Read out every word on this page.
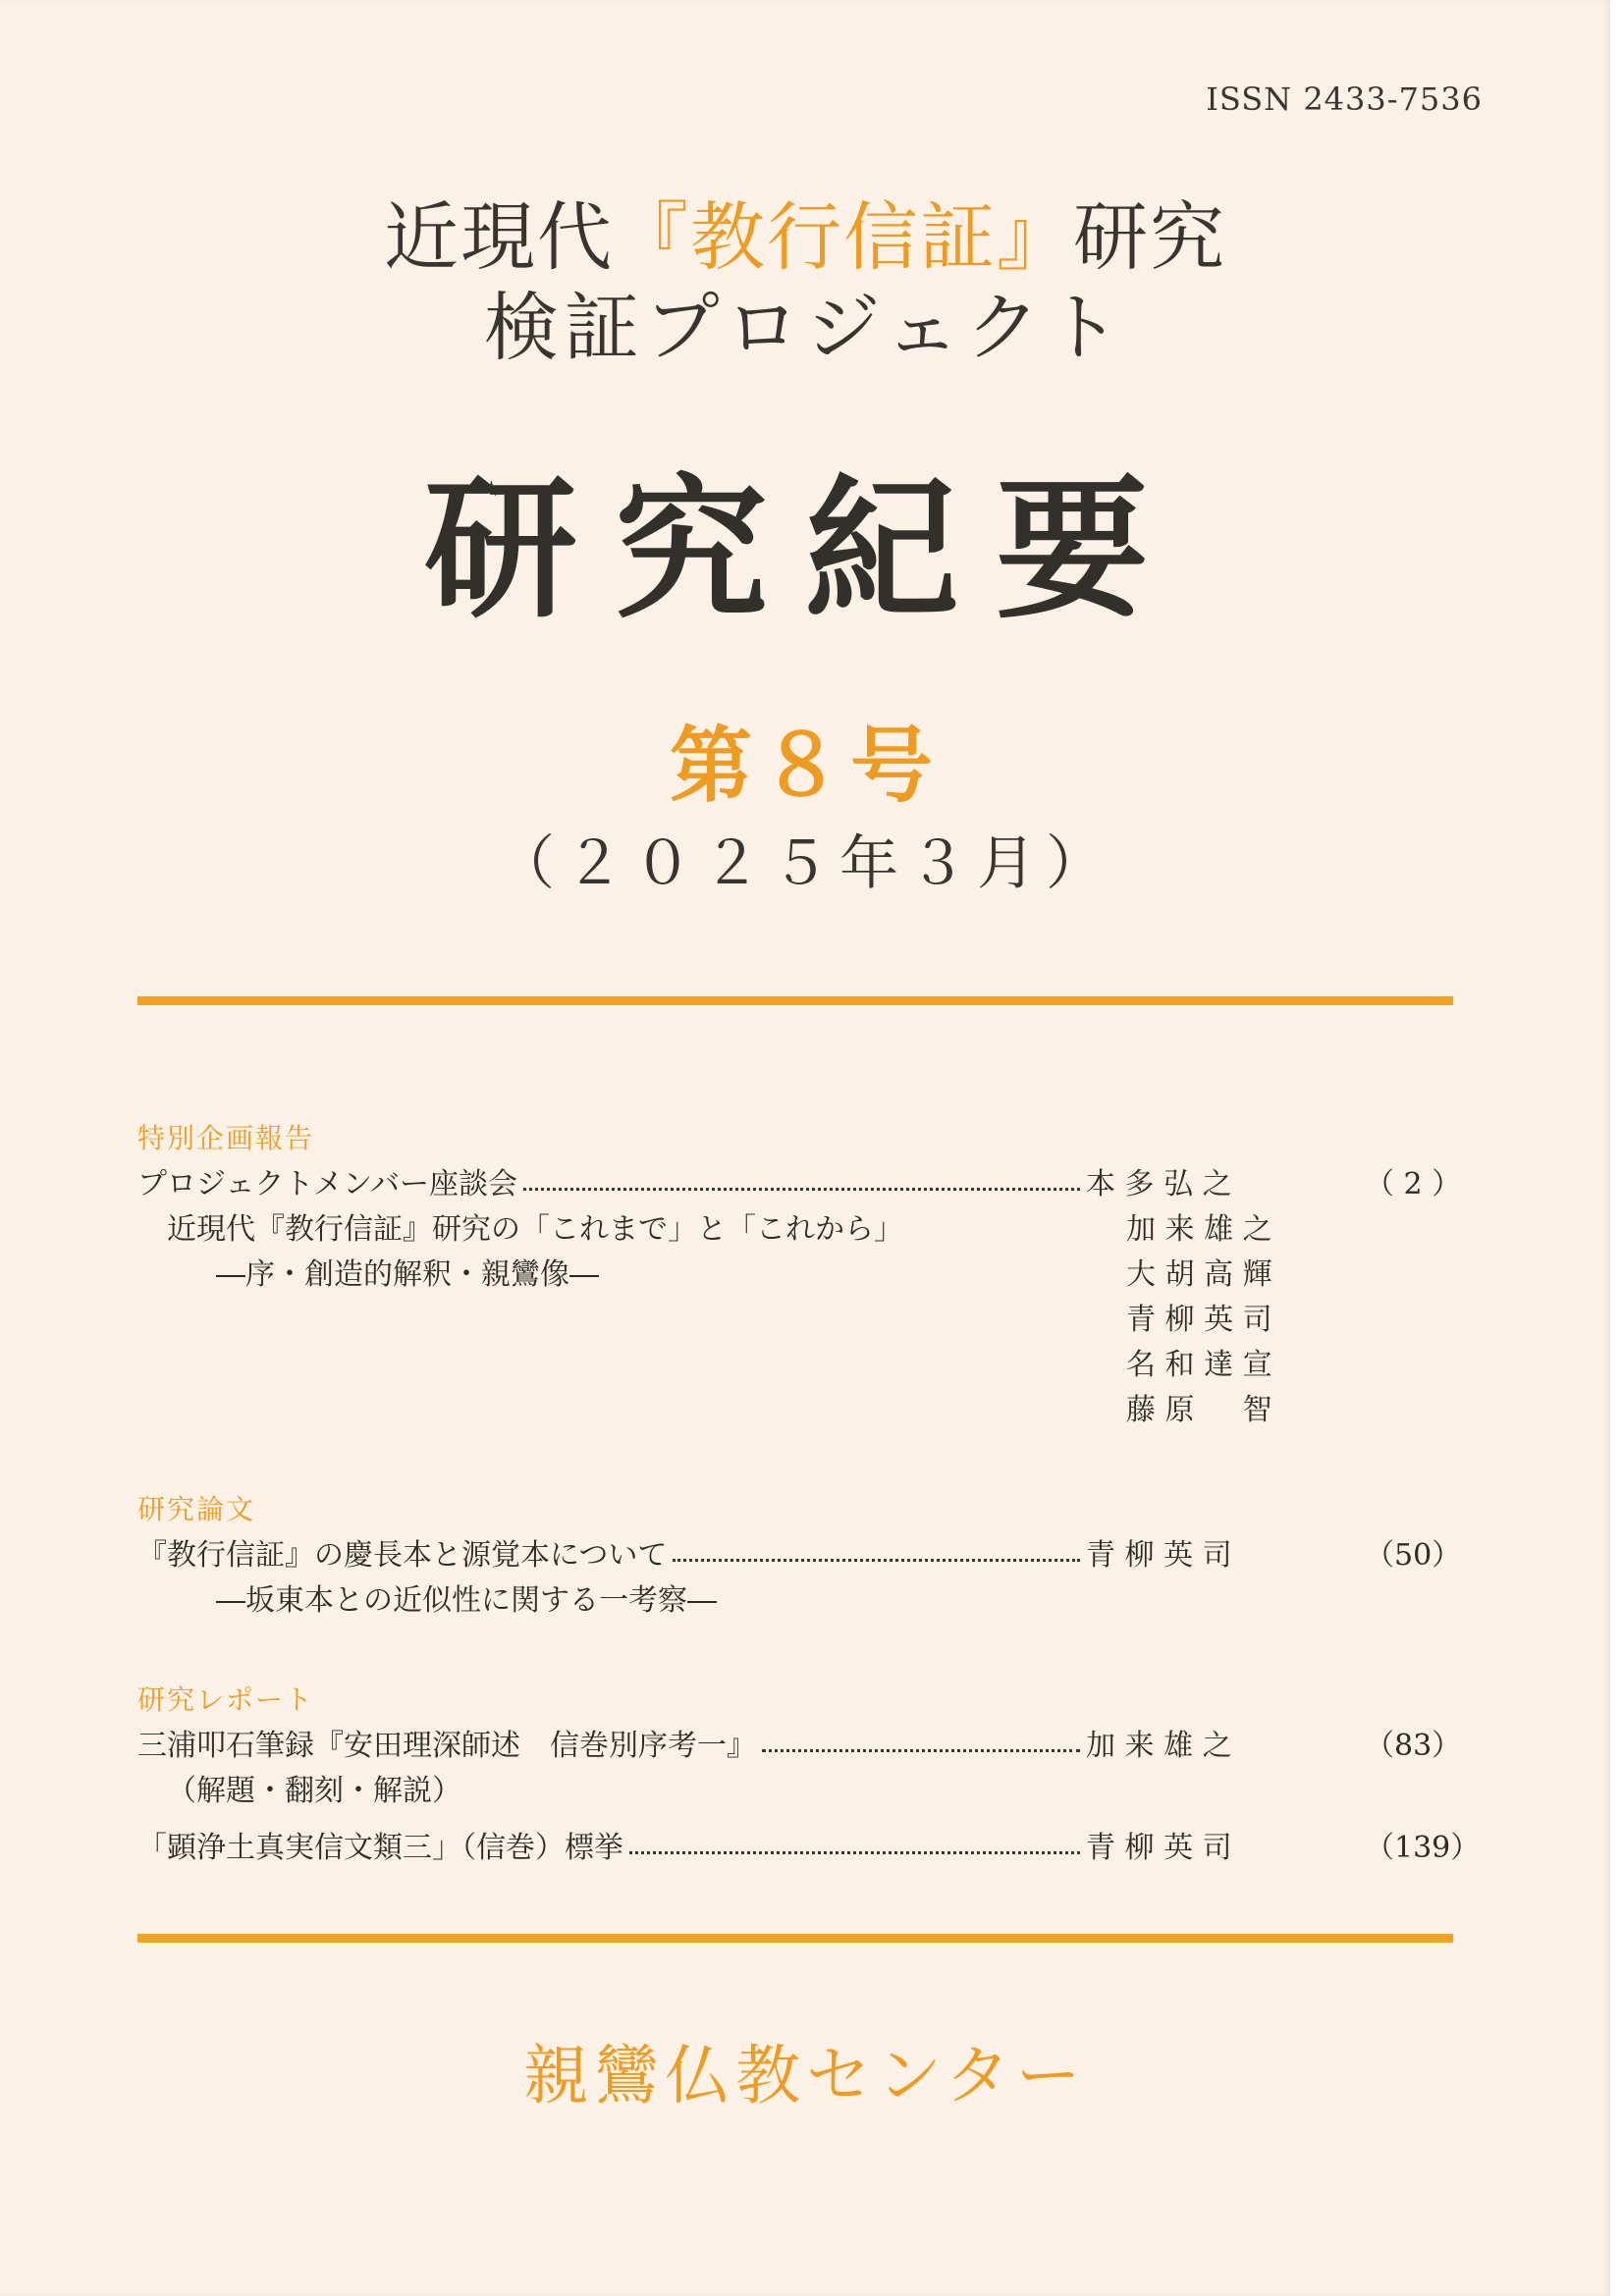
ISSN 2433-7536
近現代『教行信証』研究
検証プロジェクト
研究紀要
第８号
（２０２５年３月）
特別企画報告
プロジェクトメンバー座談会	本 多 弘 之	（ 2 ）
近現代『教行信証』研究の「これまで」と「これから」	加 来 雄 之
―序・創造的解釈・親鸞像―	大 胡 高 輝
青 柳 英 司
名 和 達 宣
藤 原 　 智
研究論文
『教行信証』の慶長本と源覚本について	青 柳 英 司	（50）
―坂東本との近似性に関する一考察―
研究レポート
三浦叩石筆録『安田理深師述　信巻別序考一』	加 来 雄 之	（83）
（解題・翻刻・解説）
「顕浄土真実信文類三」（信巻）標挙	青 柳 英 司	（139）
親鸞仏教センター
